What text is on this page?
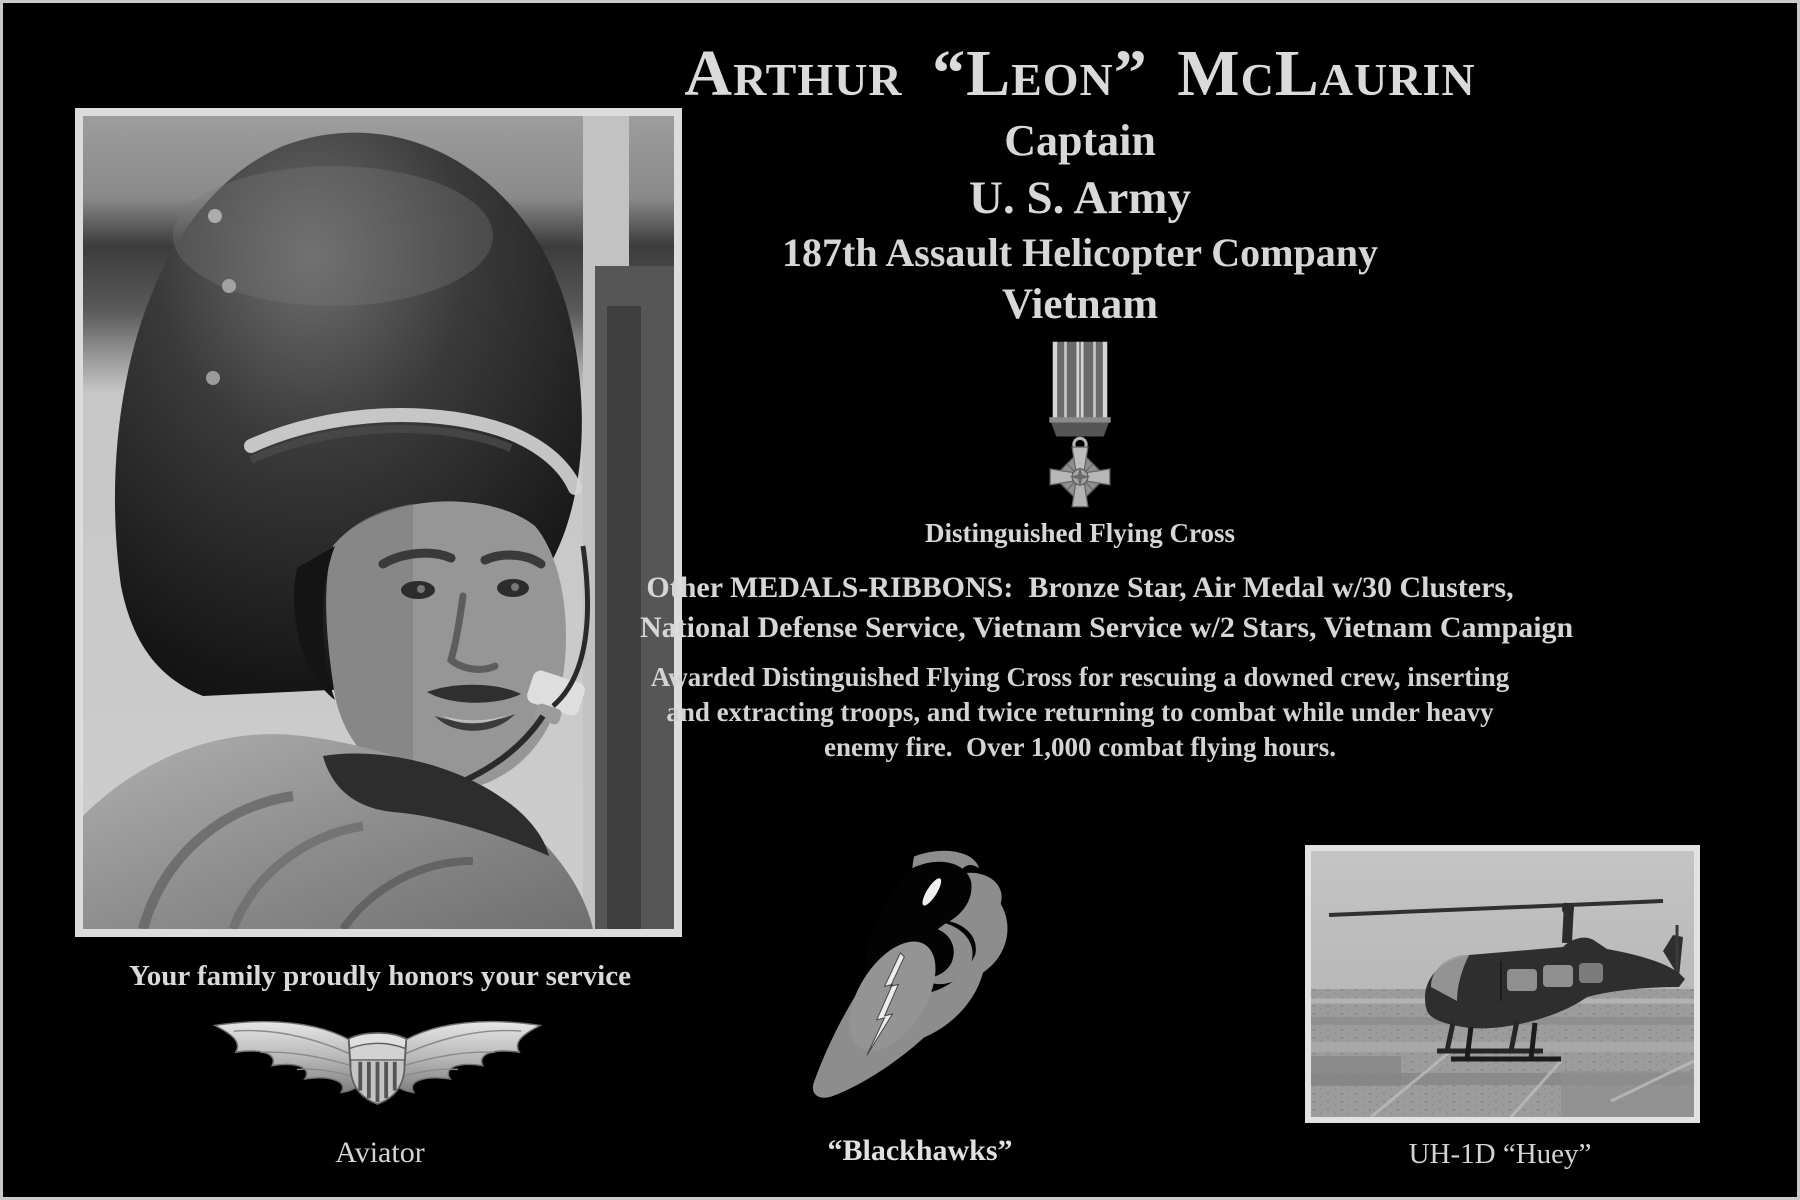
Your family proudly honors your service
Aviator
Arthur “Leon” McLaurin
Captain
U. S. Army
187th Assault Helicopter Company
Vietnam
Distinguished Flying Cross
Other MEDALS-RIBBONS:  Bronze Star, Air Medal w/30 Clusters,
National Defense Service, Vietnam Service w/2 Stars, Vietnam Campaign
Awarded Distinguished Flying Cross for rescuing a downed crew, inserting
and extracting troops, and twice returning to combat while under heavy
enemy fire.  Over 1,000 combat flying hours.
“Blackhawks”	UH-1D “Huey”
